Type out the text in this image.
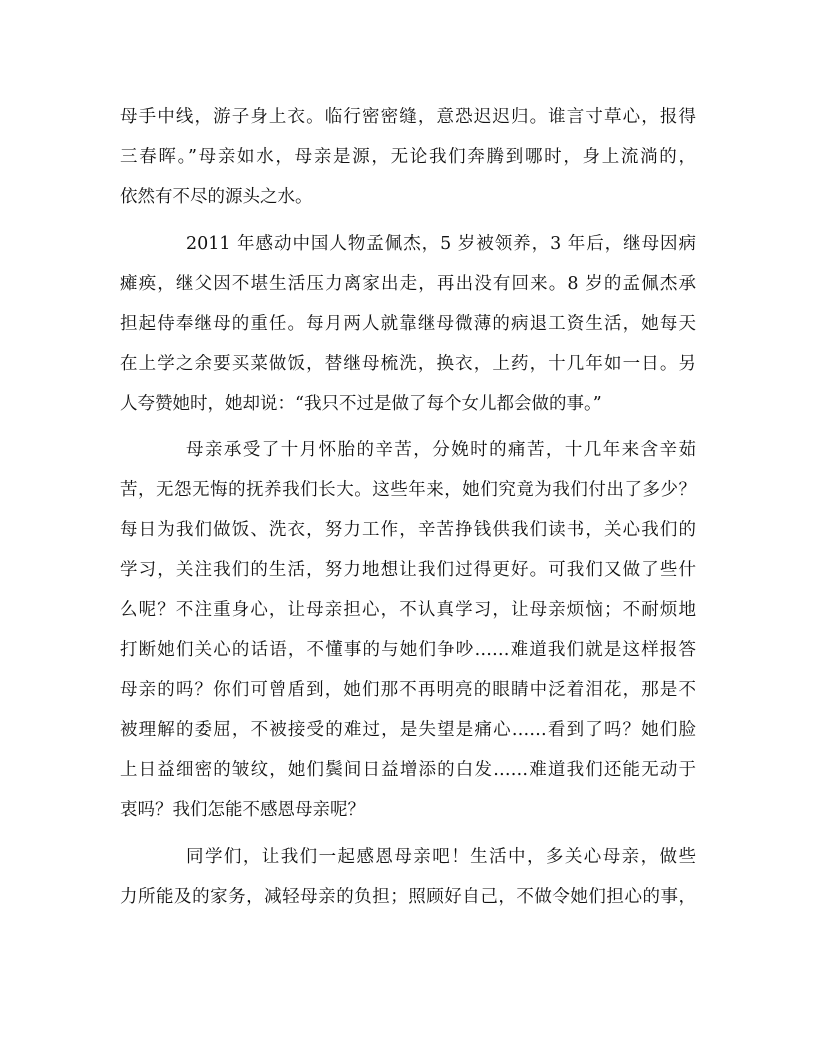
母手中线，游子身上衣。临行密密缝，意恐迟迟归。谁言寸草心，报得
三春晖。”母亲如水，母亲是源，无论我们奔腾到哪时，身上流淌的，
依然有不尽的源头之水。
2011 年感动中国人物孟佩杰，5 岁被领养，3 年后，继母因病
瘫痪，继父因不堪生活压力离家出走，再出没有回来。8 岁的孟佩杰承
担起侍奉继母的重任。每月两人就靠继母微薄的病退工资生活，她每天
在上学之余要买菜做饭，替继母梳洗，换衣，上药，十几年如一日。另
人夸赞她时，她却说：“我只不过是做了每个女儿都会做的事。”
母亲承受了十月怀胎的辛苦，分娩时的痛苦，十几年来含辛茹
苦，无怨无悔的抚养我们长大。这些年来，她们究竟为我们付出了多少？
每日为我们做饭、洗衣，努力工作，辛苦挣钱供我们读书，关心我们的
学习，关注我们的生活，努力地想让我们过得更好。可我们又做了些什
么呢？不注重身心，让母亲担心，不认真学习，让母亲烦恼；不耐烦地
打断她们关心的话语，不懂事的与她们争吵……难道我们就是这样报答
母亲的吗？你们可曾盾到，她们那不再明亮的眼睛中泛着泪花，那是不
被理解的委屈，不被接受的难过，是失望是痛心……看到了吗？她们脸
上日益细密的皱纹，她们鬓间日益增添的白发……难道我们还能无动于
衷吗？我们怎能不感恩母亲呢？
同学们，让我们一起感恩母亲吧！生活中，多关心母亲，做些
力所能及的家务，减轻母亲的负担；照顾好自己，不做令她们担心的事，
